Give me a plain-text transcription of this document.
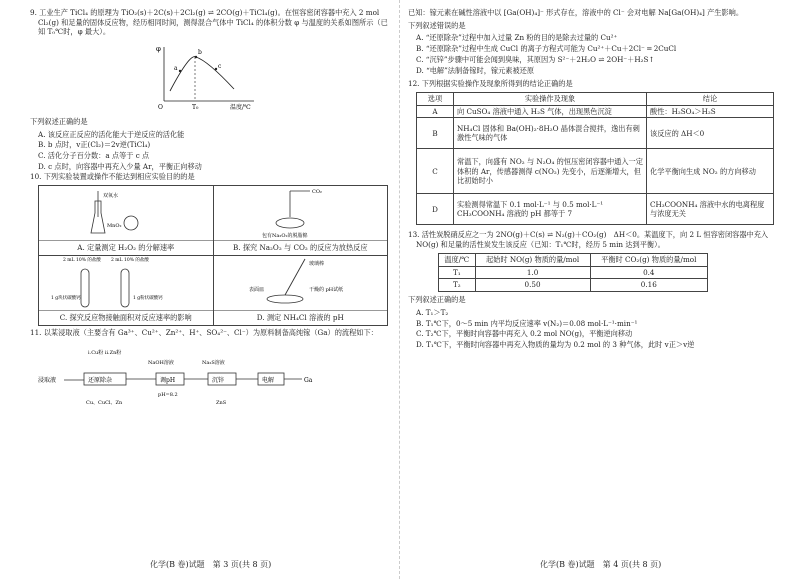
9. 工业生产 TiCl₄ 的原理为 TiO₂(s)＋2C(s)＋2Cl₂(g) ⇌ 2CO(g)＋TiCl₄(g)。在恒容密闭容器中充入 2 mol Cl₂(g) 和足量的固体反应物，经历相同时间，测得混合气体中 TiCl₄ 的体积分数 φ 与温度的关系如图所示（已知 T₀℃时，φ 最大）。

φ
O	T₀	温度/℃
a
b
c

下列叙述正确的是

A. 该反应正反应的活化能大于逆反应的活化能

B. b 点时，v正(Cl₂)＝2v逆(TiCl₄)

C. 活化分子百分数：a 点等于 c 点

D. c 点时，向容器中再充入少量 Ar，平衡正向移动

10. 下列实验装置或操作不能达到相应实验目的的是

双氧水
MnO₂
A. 定量测定 H₂O₂ 的分解速率	CO₂
包有Na₂O₂的脱脂棉
B. 探究 Na₂O₂ 与 CO₂ 的反应为放热反应

2 mL 10% 的盐酸 2 mL 10% 的盐酸
1 g块状碳酸钙 1 g粉状碳酸钙
C. 探究反应物接触面积对反应速率的影响	玻璃棒
表面皿 干燥的 pH试纸
D. 测定 NH₄Cl 溶液的 pH

11. 以某浸取液（主要含有 Ga³⁺、Cu²⁺、Zn²⁺、H⁺、SO₄²⁻、Cl⁻）为原料制备高纯镓（Ga）的流程如下：

浸取液	还原除杂
ⅰ.Cu粉 ⅱ.Zn粉
Cu、CuCl、Zn
调pH
NaOH溶液
pH=8.2
沉锌
Na₂S溶液
ZnS
电解	Ga
化学(B 卷)试题　第 3 页(共 8 页)

已知：镓元素在碱性溶液中以 [Ga(OH)₄]⁻ 形式存在，溶液中的 Cl⁻ 会对电解 Na[Ga(OH)₄] 产生影响。

下列叙述错误的是

A. “还原除杂”过程中加入过量 Zn 粉的目的是除去过量的 Cu²⁺

B. “还原除杂”过程中生成 CuCl 的离子方程式可能为 Cu²⁺＋Cu＋2Cl⁻ ═ 2CuCl

C. “沉锌”步骤中可能会闻到臭味，其原因为 S²⁻＋2H₂O ⇌ 2OH⁻＋H₂S↑

D. “电解”法制备镓时，镓元素被还原

12. 下列根据实验操作及现象所得到的结论正确的是

选项	实验操作及现象	结论
A	向 CuSO₄ 溶液中通入 H₂S 气体，出现黑色沉淀	酸性：H₂SO₄＞H₂S
B	NH₄Cl 固体和 Ba(OH)₂·8H₂O 晶体混合搅拌，逸出有刺激性气味的气体	该反应的 ΔH＜0
C	常温下，向盛有 NO₂ 与 N₂O₄ 的恒压密闭容器中通入一定体积的 Ar，传感器测得 c(NO₂) 先变小，后逐渐增大，但比初始时小	化学平衡向生成 NO₂ 的方向移动
D	实验测得常温下 0.1 mol·L⁻¹ 与 0.5 mol·L⁻¹ CH₃COONH₄ 溶液的 pH 都等于 7	CH₃COONH₄ 溶液中水的电离程度与浓度无关

13. 活性炭脱硝反应之一为 2NO(g)＋C(s) ⇌ N₂(g)＋CO₂(g)　ΔH＜0。某温度下，向 2 L 恒容密闭容器中充入 NO(g) 和足量的活性炭发生该反应（已知：T₁℃时，经历 5 min 达到平衡）。

温度/℃	起始时 NO(g) 物质的量/mol	平衡时 CO₂(g) 物质的量/mol
T₁	1.0	0.4
T₂	0.50	0.16

下列叙述正确的是

A. T₁＞T₂

B. T₁℃下，0～5 min 内平均反应速率 v(N₂)＝0.08 mol·L⁻¹·min⁻¹

C. T₂℃下，平衡时向容器中再充入 0.2 mol NO(g)，平衡逆向移动

D. T₁℃下，平衡时向容器中再充入物质的量均为 0.2 mol 的 3 种气体，此时 v正＞v逆

化学(B 卷)试题　第 4 页(共 8 页)
